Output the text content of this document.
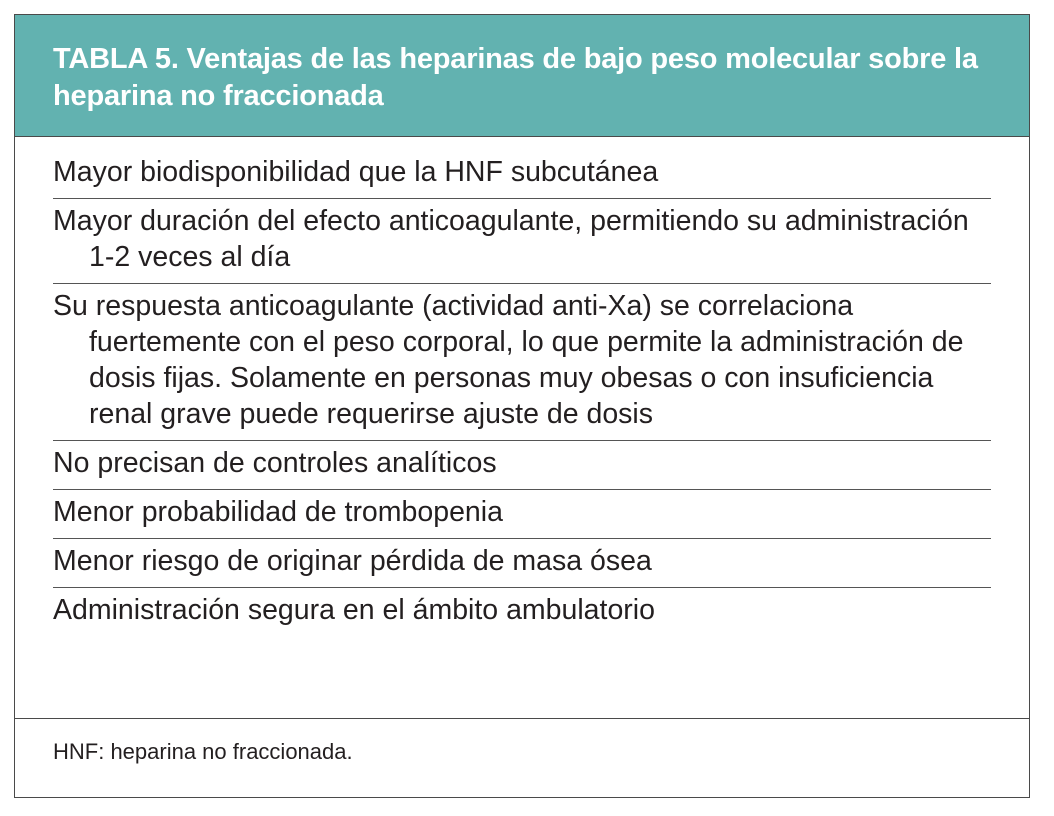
TABLA 5. Ventajas de las heparinas de bajo peso molecular sobre la heparina no fraccionada
Mayor biodisponibilidad que la HNF subcutánea
Mayor duración del efecto anticoagulante, permitiendo su administración 1-2 veces al día
Su respuesta anticoagulante (actividad anti-Xa) se correlaciona fuertemente con el peso corporal, lo que permite la administración de dosis fijas. Solamente en personas muy obesas o con insuficiencia renal grave puede requerirse ajuste de dosis
No precisan de controles analíticos
Menor probabilidad de trombopenia
Menor riesgo de originar pérdida de masa ósea
Administración segura en el ámbito ambulatorio

HNF: heparina no fraccionada.
